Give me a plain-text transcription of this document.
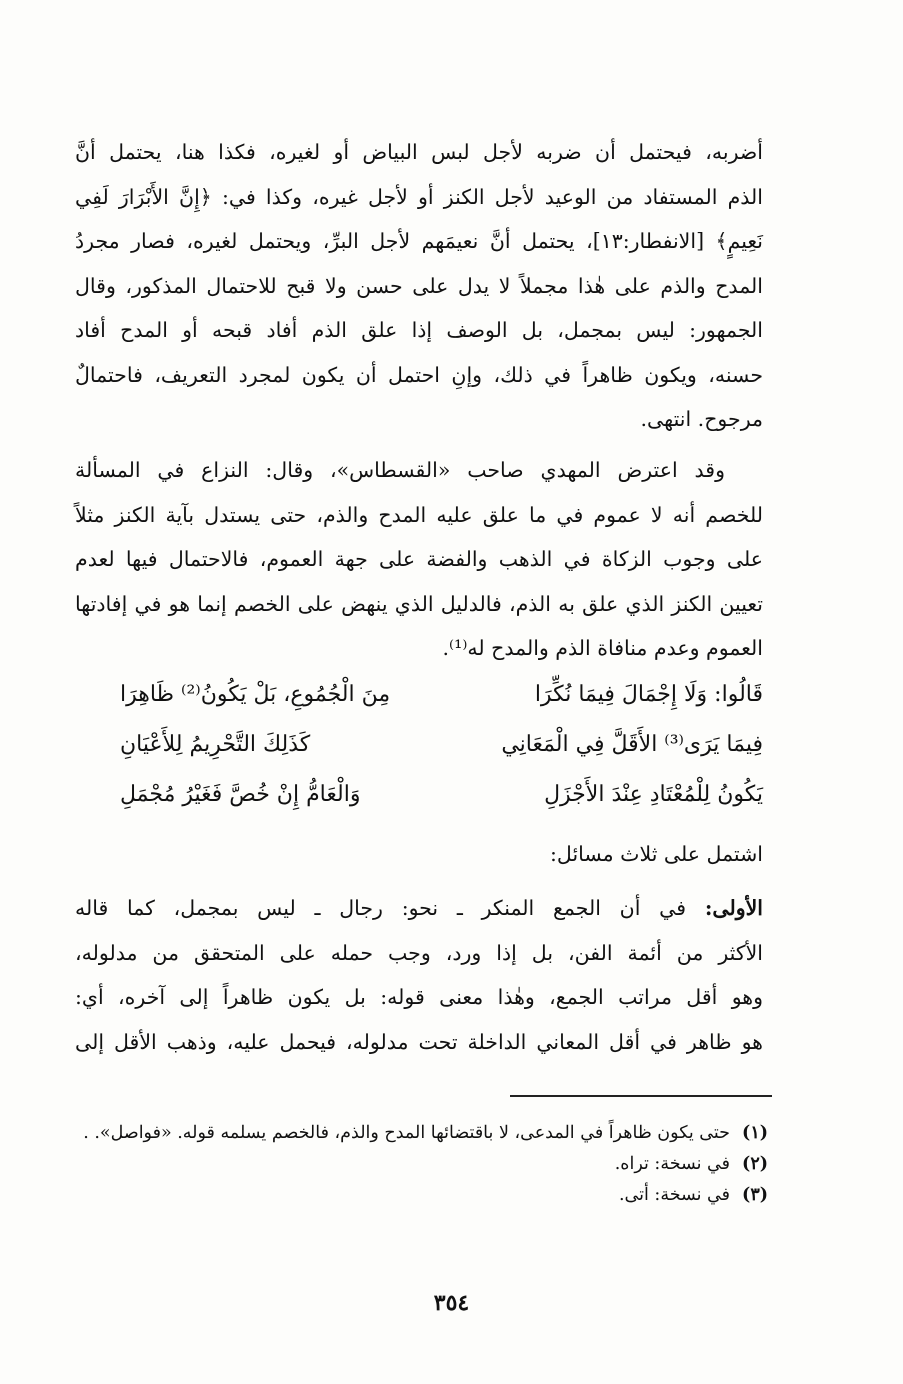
أضربه، فيحتمل أن ضربه لأجل لبس البياض أو لغيره، فكذا هنا، يحتمل أنَّ
الذم المستفاد من الوعيد لأجل الكنز أو لأجل غيره، وكذا في: ﴿إِنَّ الأَبْرَارَ لَفِي
نَعِيمٍ﴾ [الانفطار:١٣]، يحتمل أنَّ نعيمَهم لأجل البرِّ، ويحتمل لغيره، فصار مجردُ
المدح والذم على هٰذا مجملاً لا يدل على حسن ولا قبح للاحتمال المذكور، وقال
الجمهور: ليس بمجمل، بل الوصف إذا علق الذم أفاد قبحه أو المدح أفاد
حسنه، ويكون ظاهراً في ذلك، وإنِ احتمل أن يكون لمجرد التعريف، فاحتمالٌ
مرجوح. انتهى.
وقد اعترض المهدي صاحب «القسطاس»، وقال: النزاع في المسألة
للخصم أنه لا عموم في ما علق عليه المدح والذم، حتى يستدل بآية الكنز مثلاً
على وجوب الزكاة في الذهب والفضة على جهة العموم، فالاحتمال فيها لعدم
تعيين الكنز الذي علق به الذم، فالدليل الذي ينهض على الخصم إنما هو في إفادتها
العموم وعدم منافاة الذم والمدح له⁽¹⁾.
قَالُوا: وَلَا إِجْمَالَ فِيمَا نُكِّرَا
مِنَ الْجُمُوعِ، بَلْ يَكُونُ⁽²⁾ ظَاهِرَا
فِيمَا يَرَى⁽³⁾ الأَقَلَّ فِي الْمَعَانِي
كَذَلِكَ التَّحْرِيمُ لِلأَعْيَانِ
يَكُونُ لِلْمُعْتَادِ عِنْدَ الأَجْزَلِ
وَالْعَامُّ إِنْ خُصَّ فَغَيْرُ مُجْمَلِ
اشتمل على ثلاث مسائل:
الأولى: في أن الجمع المنكر ـ نحو: رجال ـ ليس بمجمل، كما قاله
الأكثر من أئمة الفن، بل إذا ورد، وجب حمله على المتحقق من مدلوله،
وهو أقل مراتب الجمع، وهٰذا معنى قوله: بل يكون ظاهراً إلى آخره، أي:
هو ظاهر في أقل المعاني الداخلة تحت مدلوله، فيحمل عليه، وذهب الأقل إلى
(١)
حتى يكون ظاهراً في المدعى، لا باقتضائها المدح والذم، فالخصم يسلمه قوله. «فواصل». .
(٢)
في نسخة: تراه.
(٣)
في نسخة: أتى.
٣٥٤
